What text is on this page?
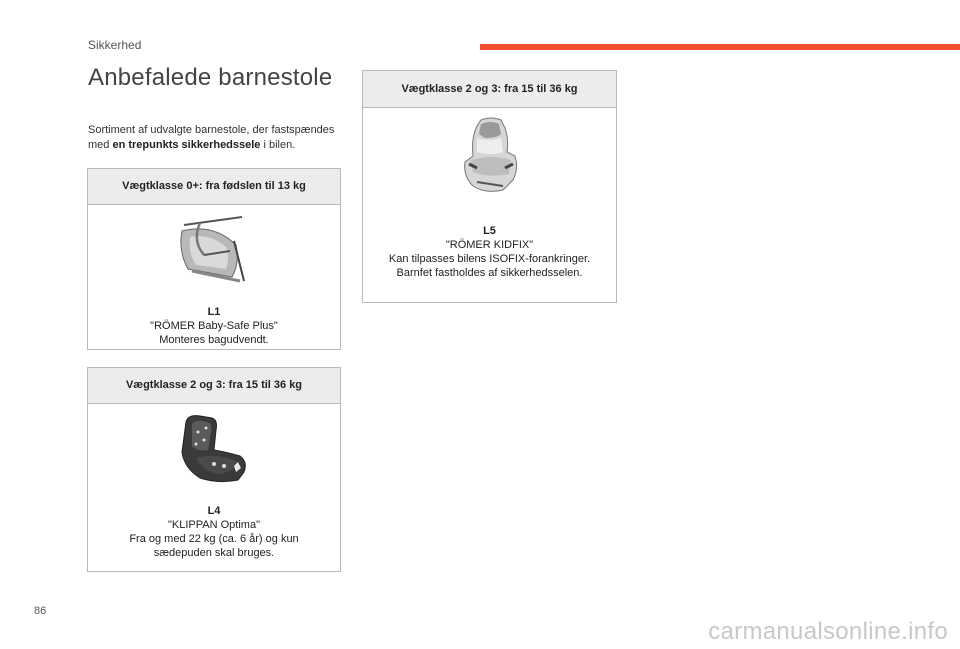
Sikkerhed
Anbefalede barnestole
Sortiment af udvalgte barnestole, der fastspændes med en trepunkts sikkerhedssele i bilen.
Vægtklasse 0+: fra fødslen til 13 kg
L1
"RÖMER Baby-Safe Plus"
Monteres bagudvendt.
Vægtklasse 2 og 3: fra 15 til 36 kg
L4
"KLIPPAN Optima"
Fra og med 22 kg (ca. 6 år) og kun
sædepuden skal bruges.
Vægtklasse 2 og 3: fra 15 til 36 kg
L5
"RÖMER KIDFIX"
Kan tilpasses bilens ISOFIX-forankringer.
Barnfet fastholdes af sikkerhedsselen.
86
carmanualsonline.info
